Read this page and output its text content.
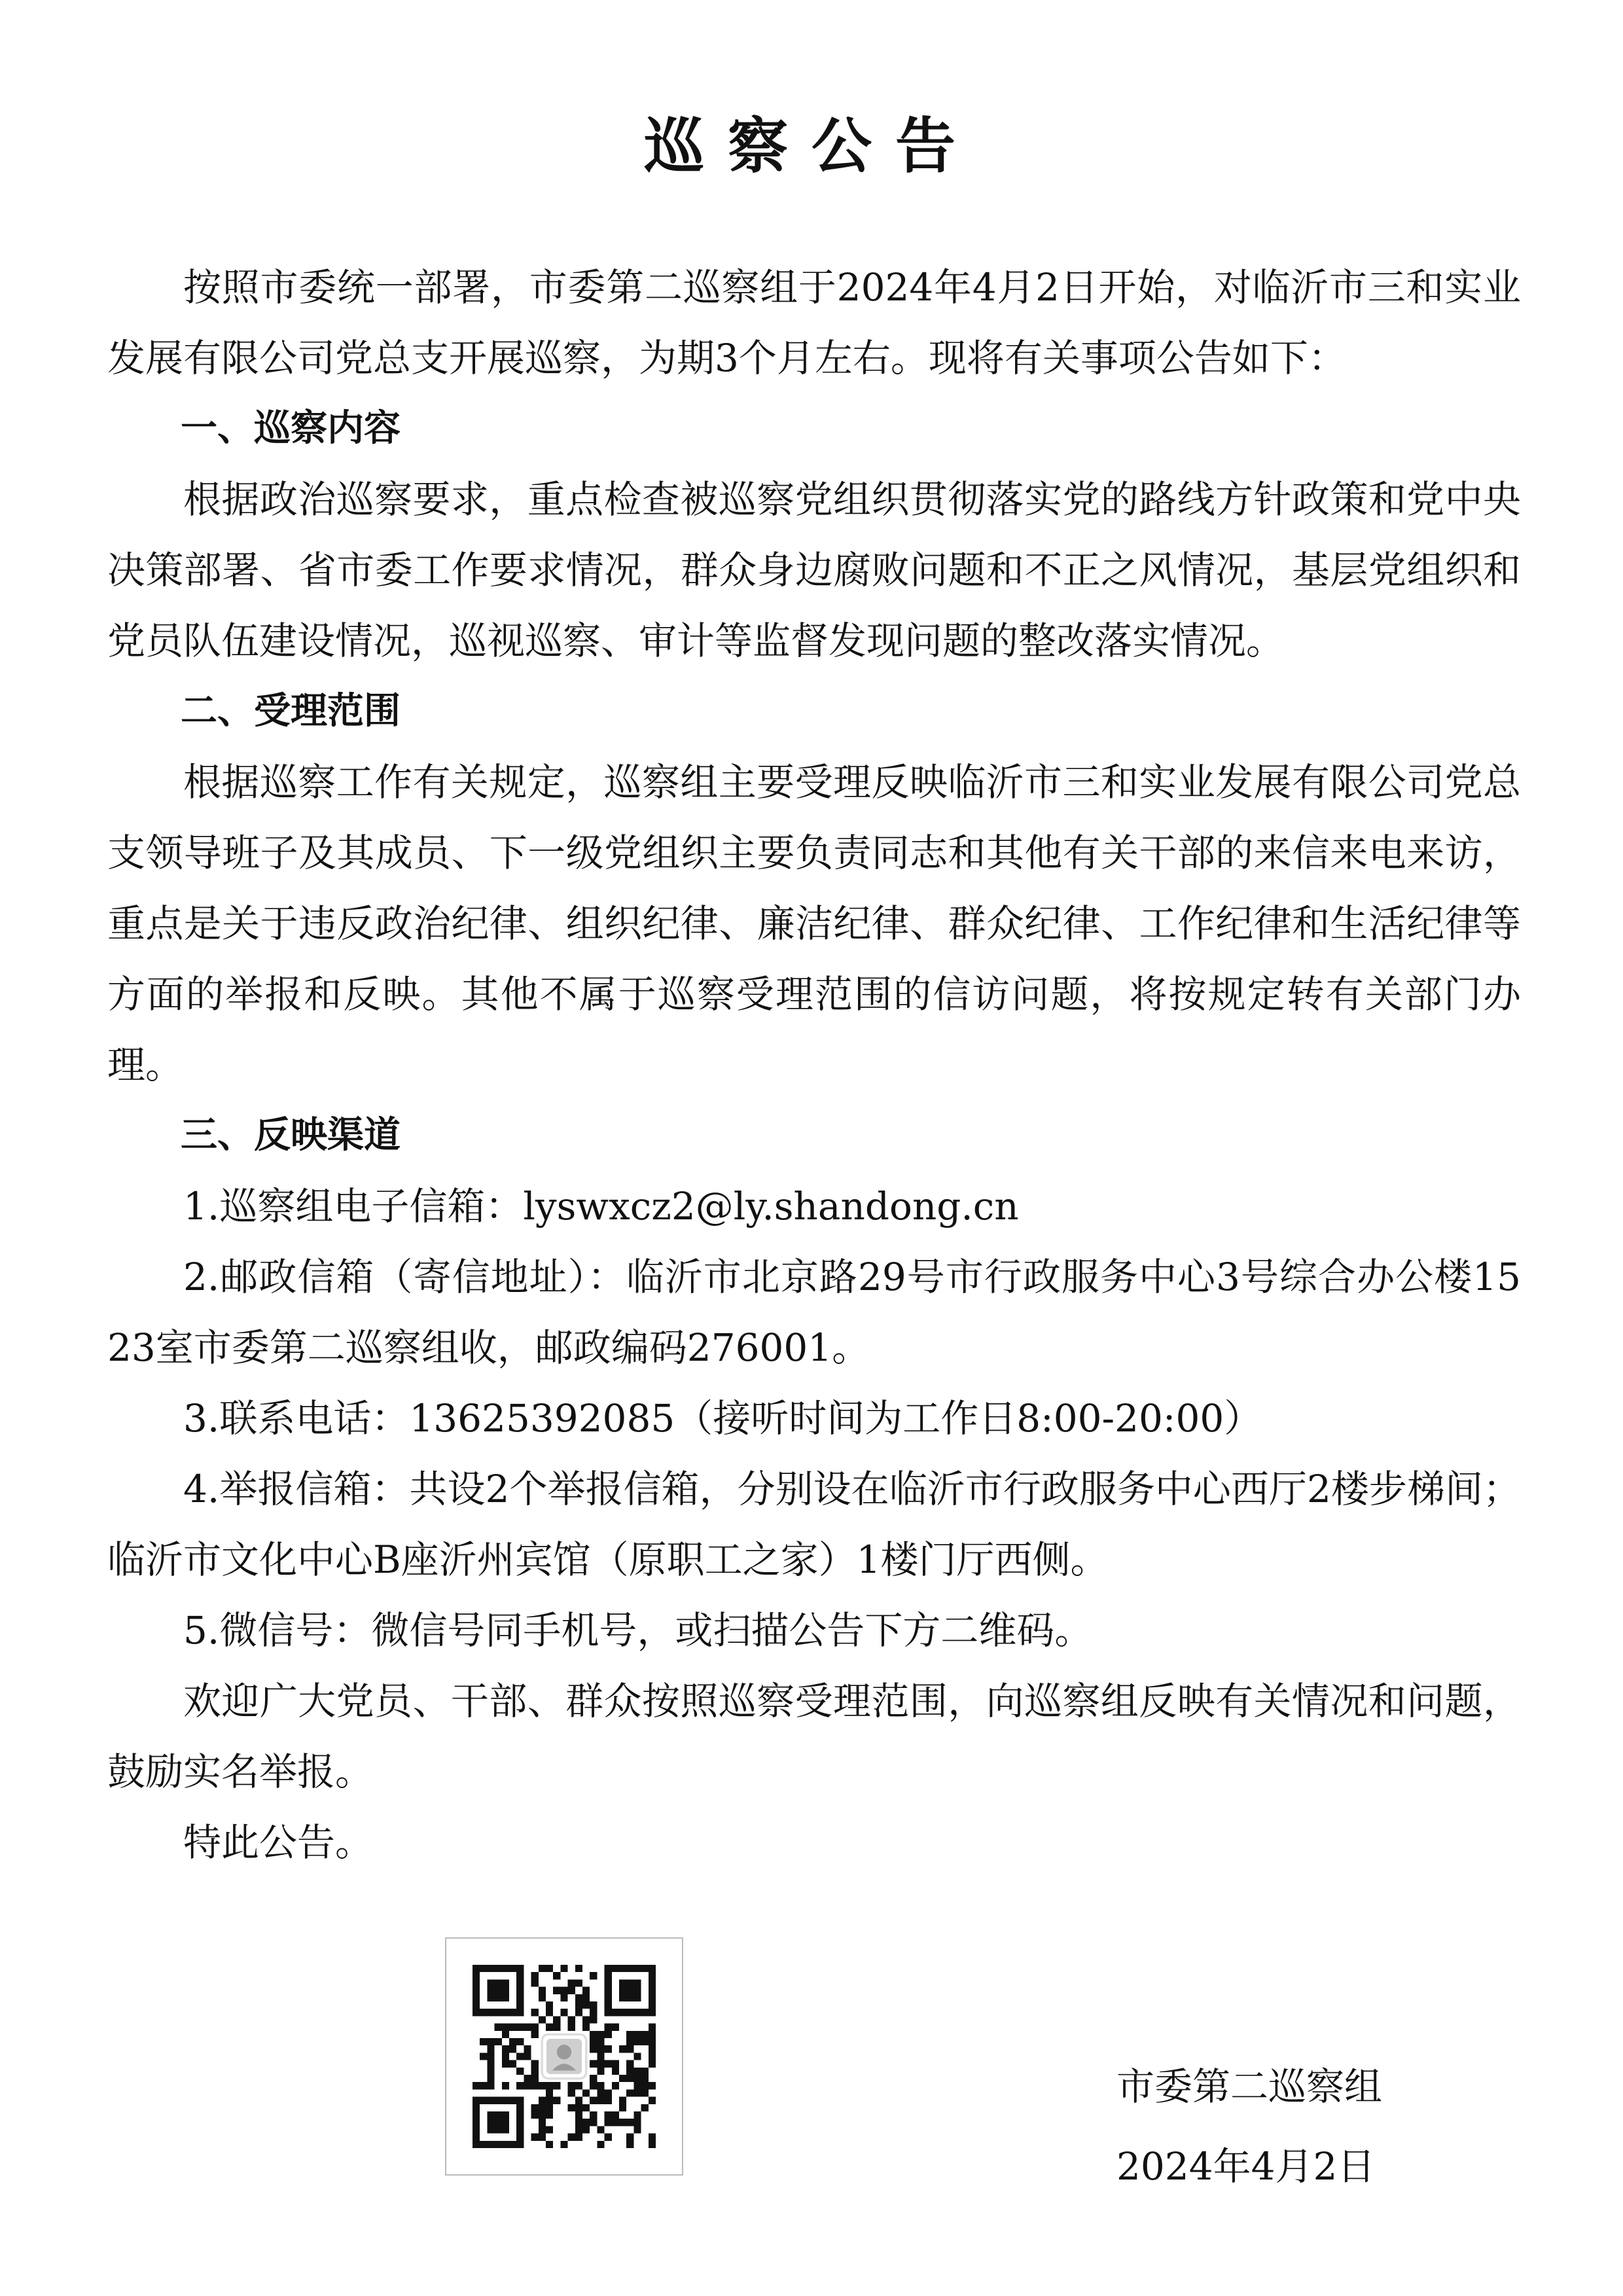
巡察公告

按照市委统一部署，市委第二巡察组于2024年4月2日开始，对临沂市三和实业发展有限公司党总支开展巡察，为期3个月左右。现将有关事项公告如下：

一、巡察内容

根据政治巡察要求，重点检查被巡察党组织贯彻落实党的路线方针政策和党中央决策部署、省市委工作要求情况，群众身边腐败问题和不正之风情况，基层党组织和党员队伍建设情况，巡视巡察、审计等监督发现问题的整改落实情况。

二、受理范围

根据巡察工作有关规定，巡察组主要受理反映临沂市三和实业发展有限公司党总支领导班子及其成员、下一级党组织主要负责同志和其他有关干部的来信来电来访，重点是关于违反政治纪律、组织纪律、廉洁纪律、群众纪律、工作纪律和生活纪律等方面的举报和反映。其他不属于巡察受理范围的信访问题，将按规定转有关部门办理。

三、反映渠道

1.巡察组电子信箱：lyswxcz2@ly.shandong.cn

2.邮政信箱（寄信地址）：临沂市北京路29号市行政服务中心3号综合办公楼1523室市委第二巡察组收，邮政编码276001。

3.联系电话：13625392085（接听时间为工作日8:00-20:00）

4.举报信箱：共设2个举报信箱，分别设在临沂市行政服务中心西厅2楼步梯间；临沂市文化中心B座沂州宾馆（原职工之家）1楼门厅西侧。

5.微信号：微信号同手机号，或扫描公告下方二维码。

欢迎广大党员、干部、群众按照巡察受理范围，向巡察组反映有关情况和问题，鼓励实名举报。

特此公告。

市委第二巡察组
2024年4月2日
